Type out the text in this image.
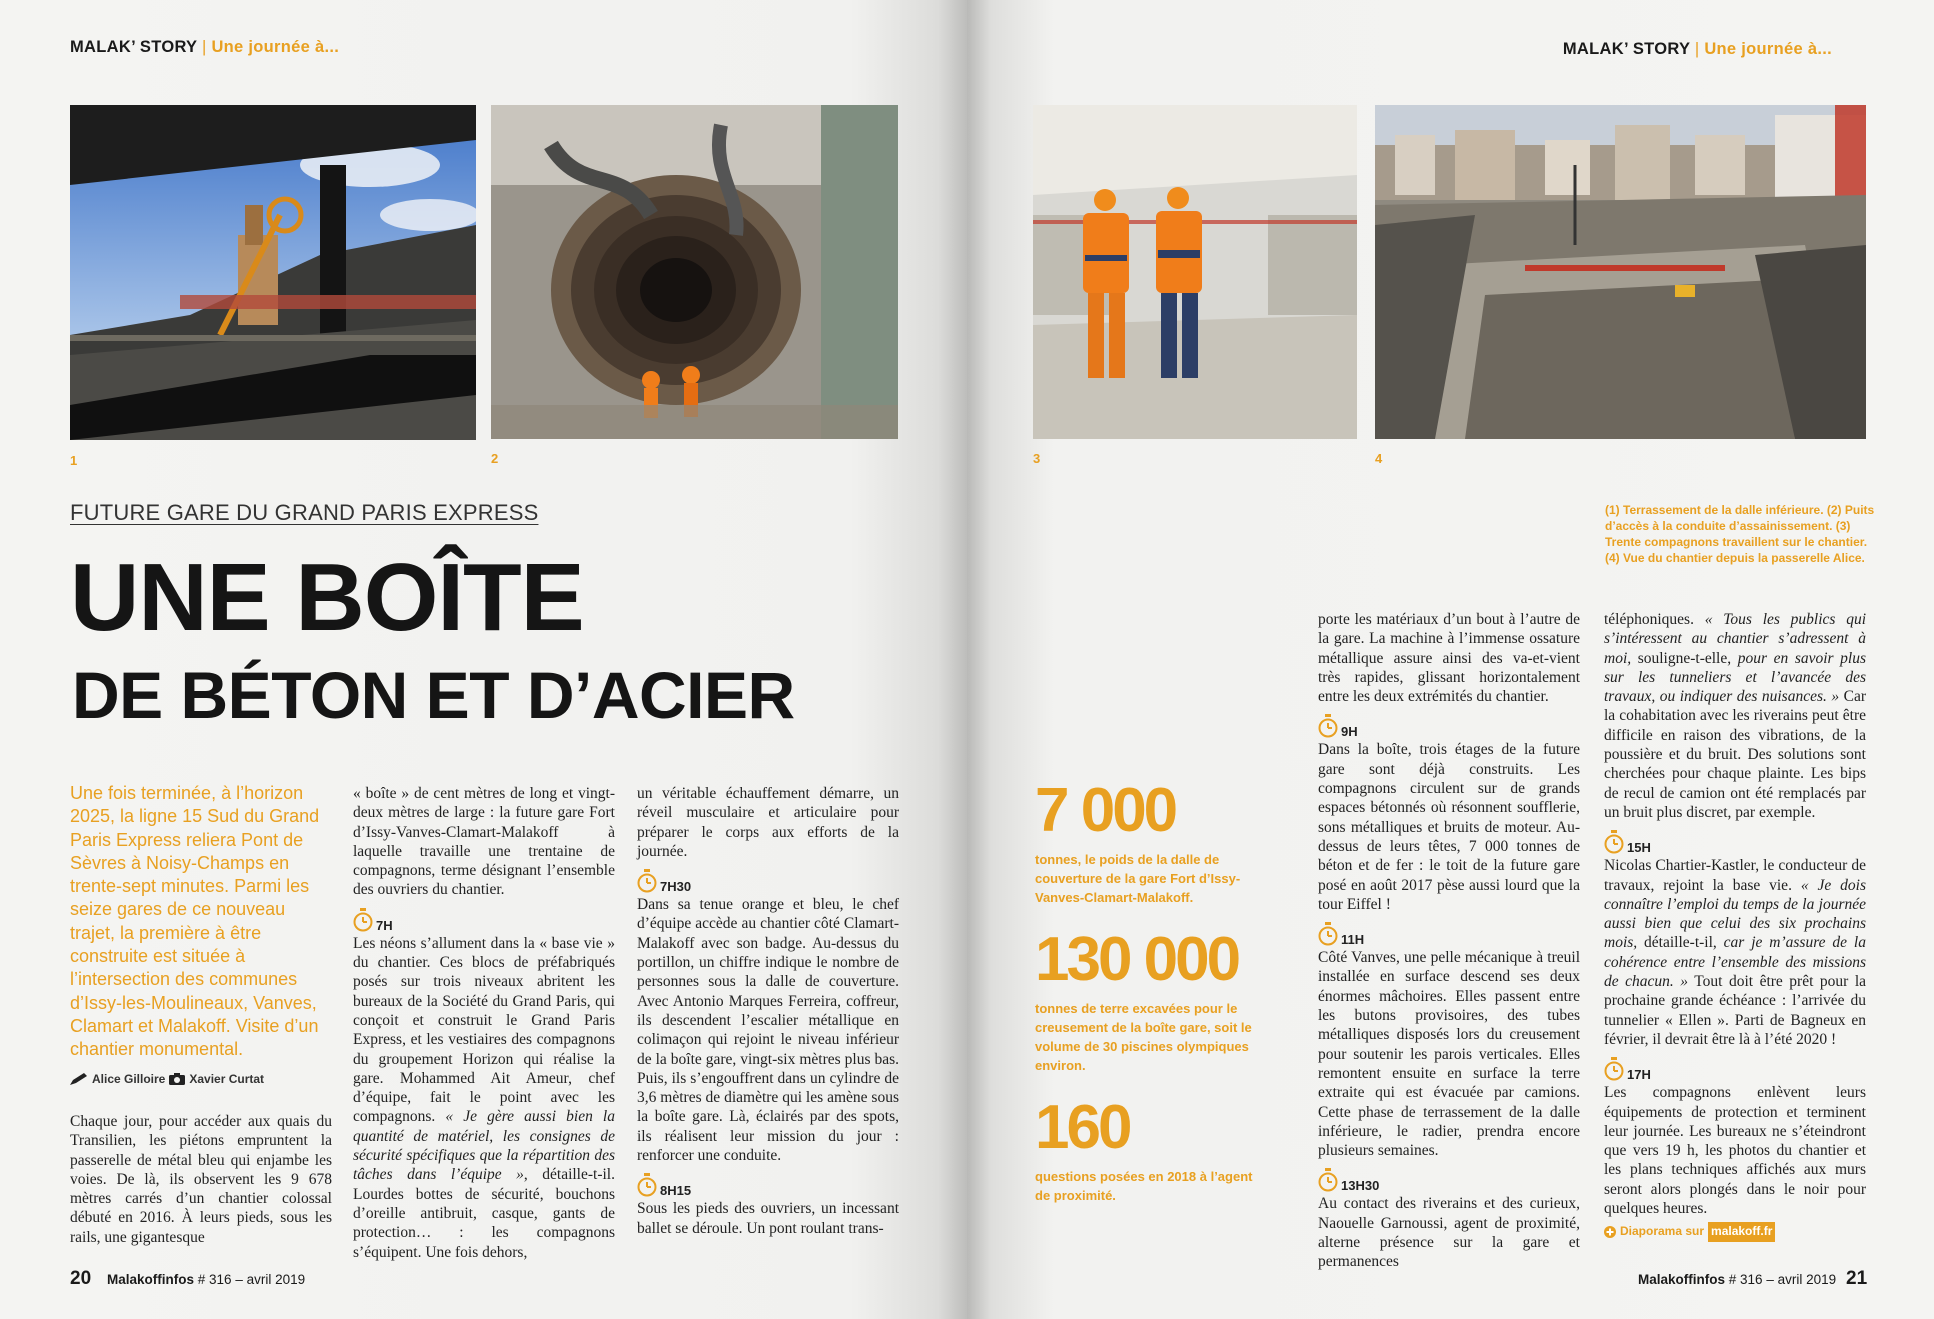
MALAK’ STORY | Une journée à...
1	2
FUTURE GARE DU GRAND PARIS EXPRESS
UNE BOÎTE
DE BÉTON ET D’ACIER
Une fois terminée, à l’horizon 2025, la ligne 15 Sud du Grand Paris Express reliera Pont de Sèvres à Noisy-Champs en trente-sept minutes. Parmi les seize gares de ce nouveau trajet, la première à être construite est située à l’intersection des communes d’Issy-les-Moulineaux, Vanves, Clamart et Malakoff. Visite d’un chantier monumental.
Alice Gilloire Xavier Curtat

Chaque jour, pour accéder aux quais du Transilien, les piétons empruntent la passerelle de métal bleu qui enjambe les voies. De là, ils observent les 9 678 mètres carrés d’un chantier colossal débuté en 2016. À leurs pieds, sous les rails, une gigantesque

« boîte » de cent mètres de long et vingt-deux mètres de large : la future gare Fort d’Issy-Vanves-Clamart-Malakoff à laquelle travaille une trentaine de compagnons, terme désignant l’ensemble des ouvriers du chantier.

7H

Les néons s’allument dans la « base vie » du chantier. Ces blocs de préfabriqués posés sur trois niveaux abritent les bureaux de la Société du Grand Paris, qui conçoit et construit le Grand Paris Express, et les vestiaires des compagnons du groupement Horizon qui réalise la gare. Mohammed Ait Ameur, chef d’équipe, fait le point avec les compagnons. « Je gère aussi bien la quantité de matériel, les consignes de sécurité spécifiques que la répartition des tâches dans l’équipe », détaille-t-il. Lourdes bottes de sécurité, bouchons d’oreille antibruit, casque, gants de protection… : les compagnons s’équipent. Une fois dehors,

un véritable échauffement démarre, un réveil musculaire et articulaire pour préparer le corps aux efforts de la journée.

7H30

Dans sa tenue orange et bleu, le chef d’équipe accède au chantier côté Clamart-Malakoff avec son badge. Au-dessus du portillon, un chiffre indique le nombre de personnes sous la dalle de couverture. Avec Antonio Marques Ferreira, coffreur, ils descendent l’escalier métallique en colimaçon qui rejoint le niveau inférieur de la boîte gare, vingt-six mètres plus bas. Puis, ils s’engouffrent dans un cylindre de 3,6 mètres de diamètre qui les amène sous la boîte gare. Là, éclairés par des spots, ils réalisent leur mission du jour : renforcer une conduite.

8H15

Sous les pieds des ouvriers, un incessant ballet se déroule. Un pont roulant trans-

20 Malakoffinfos # 316 – avril 2019
MALAK’ STORY | Une journée à...
3	4
(1) Terrassement de la dalle inférieure. (2) Puits d’accès à la conduite d’assainissement. (3) Trente compagnons travaillent sur le chantier. (4) Vue du chantier depuis la passerelle Alice.
7 000
tonnes, le poids de la dalle de couverture de la gare Fort d’Issy-Vanves-Clamart-Malakoff.
130 000
tonnes de terre excavées pour le creusement de la boîte gare, soit le volume de 30 piscines olympiques environ.
160
questions posées en 2018 à l’agent de proximité.

porte les matériaux d’un bout à l’autre de la gare. La machine à l’immense ossature métallique assure ainsi des va-et-vient très rapides, glissant horizontalement entre les deux extrémités du chantier.

9H

Dans la boîte, trois étages de la future gare sont déjà construits. Les compagnons circulent sur de grands espaces bétonnés où résonnent soufflerie, sons métalliques et bruits de moteur. Au-dessus de leurs têtes, 7 000 tonnes de béton et de fer : le toit de la future gare posé en août 2017 pèse aussi lourd que la tour Eiffel !

11H

Côté Vanves, une pelle mécanique à treuil installée en surface descend ses deux énormes mâchoires. Elles passent entre les butons provisoires, des tubes métalliques disposés lors du creusement pour soutenir les parois verticales. Elles remontent ensuite en surface la terre extraite qui est évacuée par camions. Cette phase de terrassement de la dalle inférieure, le radier, prendra encore plusieurs semaines.

13H30

Au contact des riverains et des curieux, Naouelle Garnoussi, agent de proximité, alterne présence sur la gare et permanences

téléphoniques. « Tous les publics qui s’intéressent au chantier s’adressent à moi, souligne-t-elle, pour en savoir plus sur les tunneliers et l’avancée des travaux, ou indiquer des nuisances. » Car la cohabitation avec les riverains peut être difficile en raison des vibrations, de la poussière et du bruit. Des solutions sont cherchées pour chaque plainte. Les bips de recul de camion ont été remplacés par un bruit plus discret, par exemple.

15H

Nicolas Chartier-Kastler, le conducteur de travaux, rejoint la base vie. « Je dois connaître l’emploi du temps de la journée aussi bien que celui des six prochains mois, détaille-t-il, car je m’assure de la cohérence entre l’ensemble des missions de chacun. » Tout doit être prêt pour la prochaine grande échéance : l’arrivée du tunnelier « Ellen ». Parti de Bagneux en février, il devrait être là à l’été 2020 !

17H

Les compagnons enlèvent leurs équipements de protection et terminent leur journée. Les bureaux ne s’éteindront que vers 19 h, les photos du chantier et les plans techniques affichés aux murs seront alors plongés dans le noir pour quelques heures.

Diaporama sur malakoff.fr
Malakoffinfos # 316 – avril 2019 21
